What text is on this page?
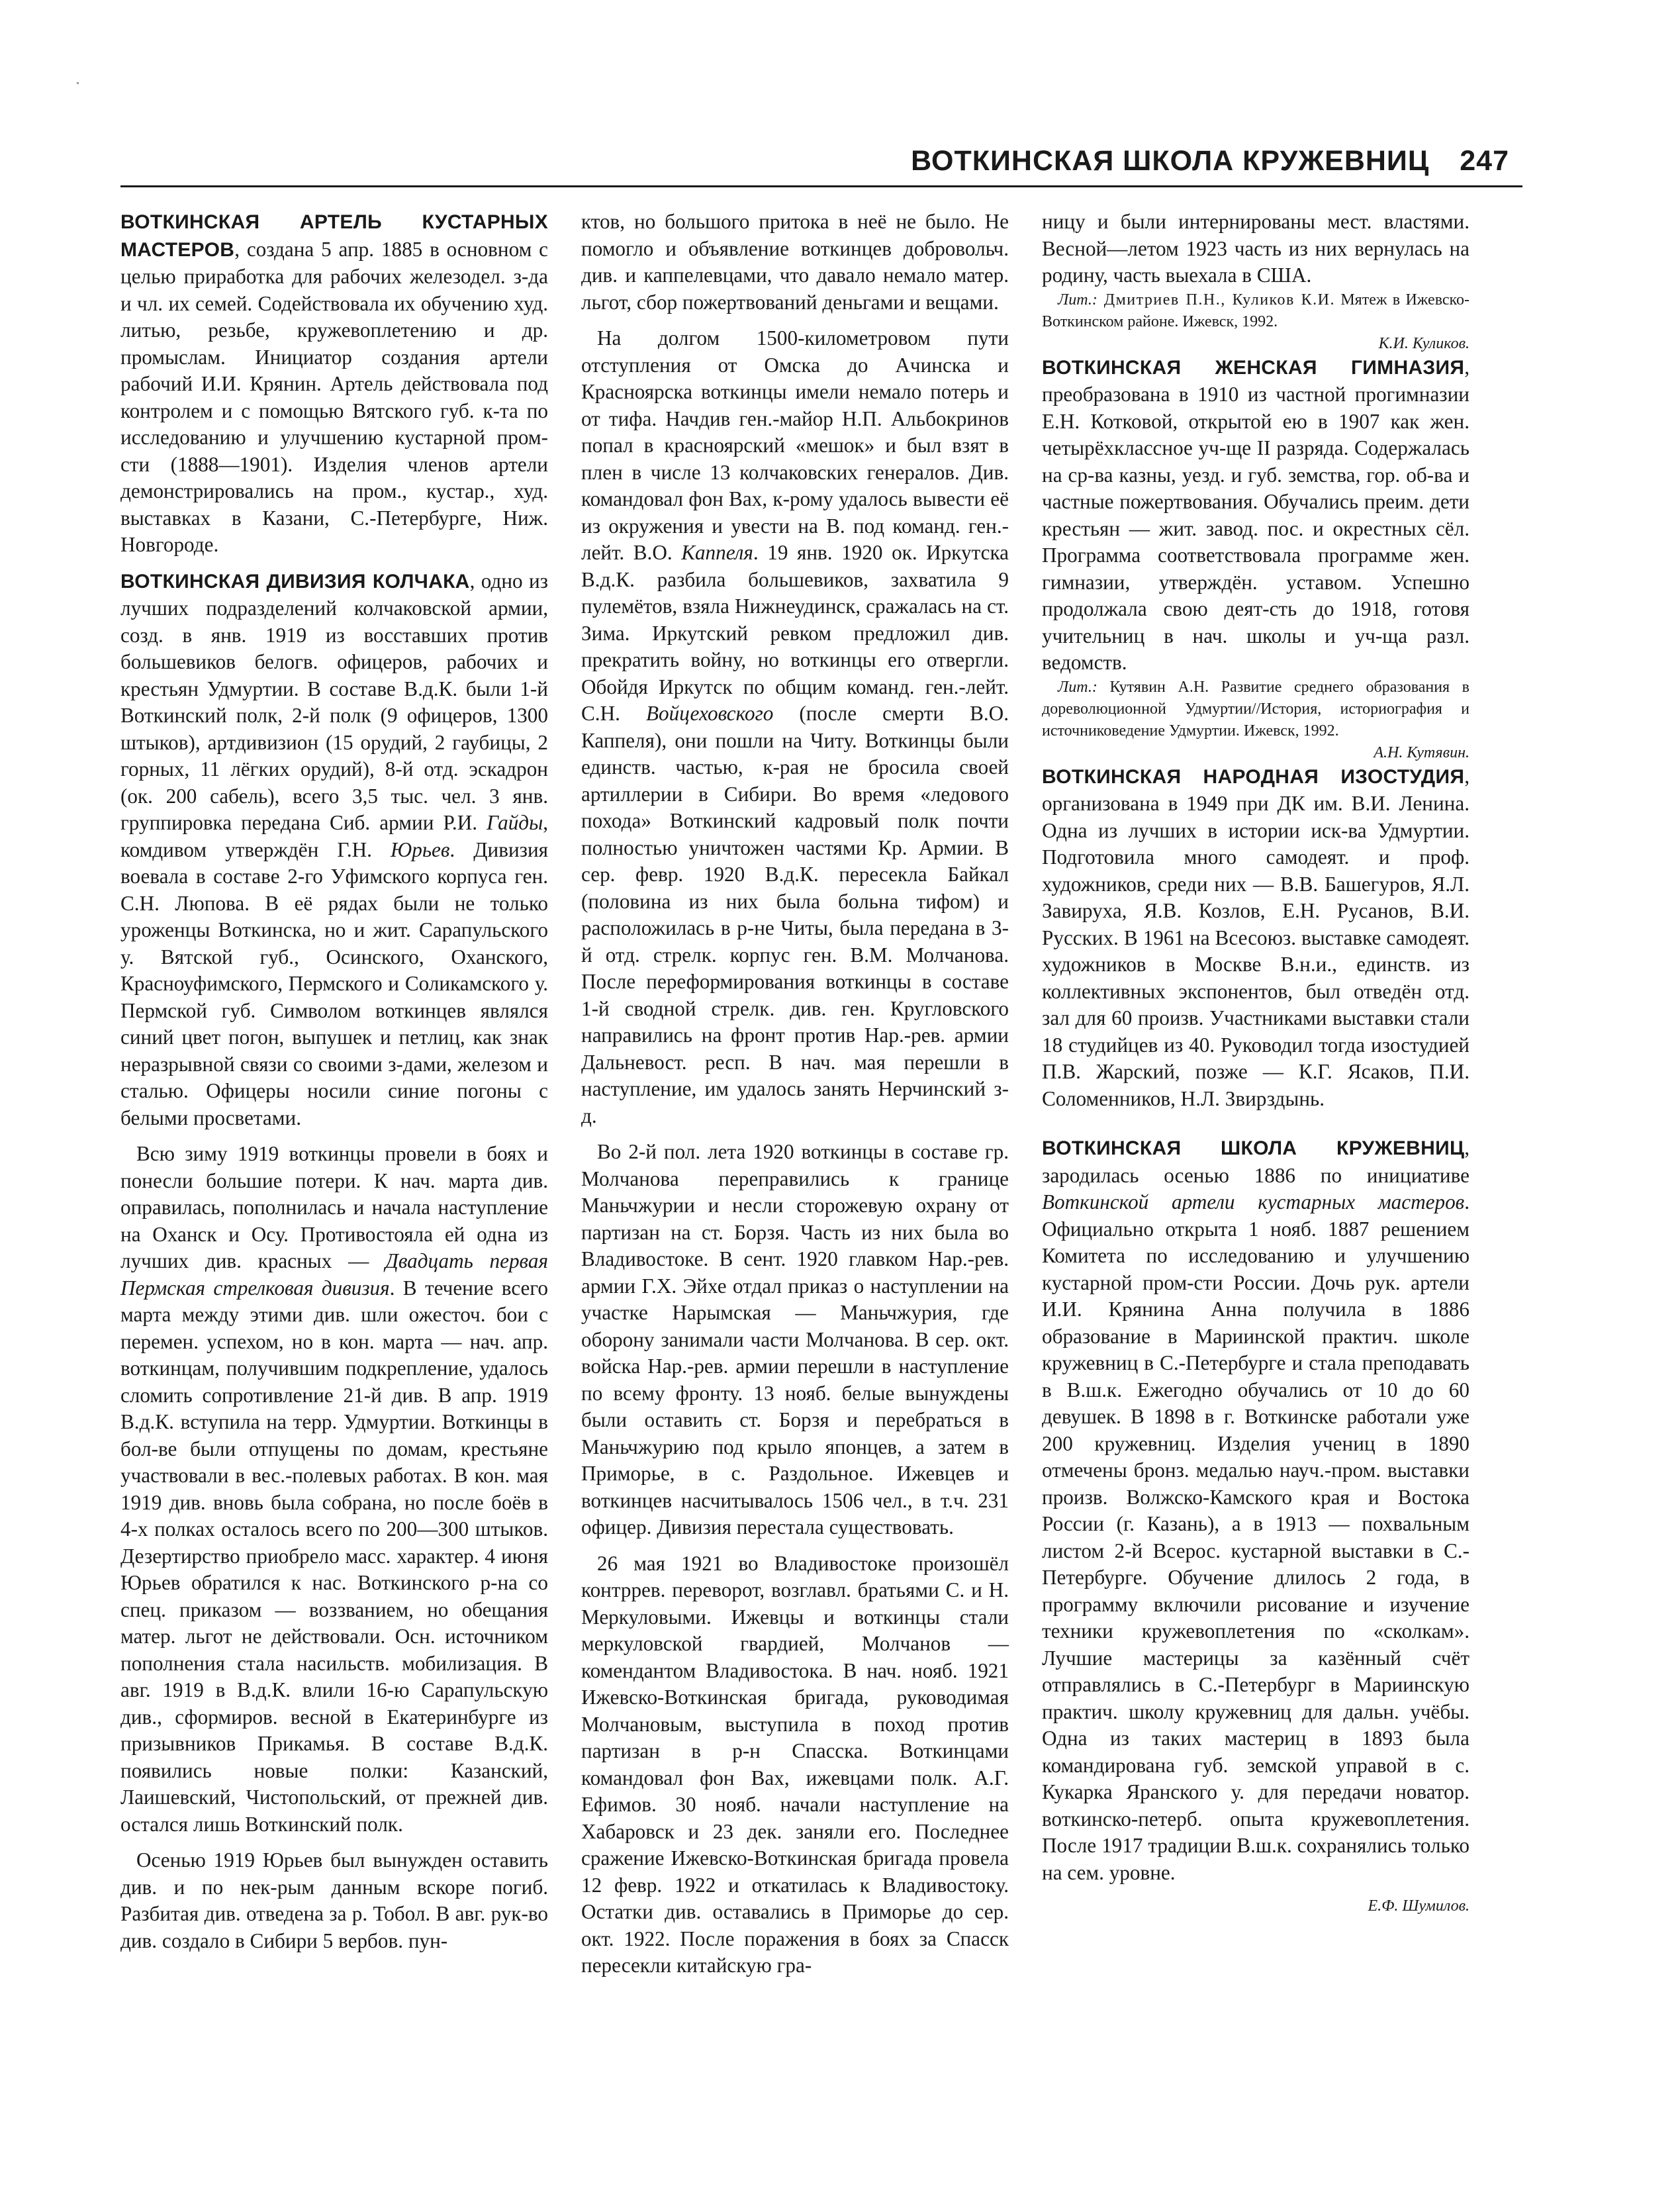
ВОТКИНСКАЯ ШКОЛА КРУЖЕВНИЦ 247

ВОТКИНСКАЯ АРТЕЛЬ КУСТАРНЫХ МАСТЕРОВ, создана 5 апр. 1885 в основном с целью приработка для рабочих железодел. з-да и чл. их семей. Содействовала их обучению худ. литью, резьбе, кружевоплетению и др. промыслам. Инициатор создания артели рабочий И.И. Крянин. Артель действовала под контролем и с помощью Вятского губ. к-та по исследованию и улучшению кустарной пром-сти (1888—1901). Изделия членов артели демонстрировались на пром., кустар., худ. выставках в Казани, С.-Петербурге, Ниж. Новгороде.

ВОТКИНСКАЯ ДИВИЗИЯ КОЛЧАКА, одно из лучших подразделений колчаковской армии, созд. в янв. 1919 из восставших против большевиков белогв. офицеров, рабочих и крестьян Удмуртии. В составе В.д.К. были 1-й Воткинский полк, 2-й полк (9 офицеров, 1300 штыков), артдивизион (15 орудий, 2 гаубицы, 2 горных, 11 лёгких орудий), 8-й отд. эскадрон (ок. 200 сабель), всего 3,5 тыс. чел. 3 янв. группировка передана Сиб. армии Р.И. Гайды, комдивом утверждён Г.Н. Юрьев. Дивизия воевала в составе 2-го Уфимского корпуса ген. С.Н. Люпова. В её рядах были не только уроженцы Воткинска, но и жит. Сарапульского у. Вятской губ., Осинского, Оханского, Красноуфимского, Пермского и Соликамского у. Пермской губ. Символом воткинцев являлся синий цвет погон, выпушек и петлиц, как знак неразрывной связи со своими з-дами, железом и сталью. Офицеры носили синие погоны с белыми просветами.

Всю зиму 1919 воткинцы провели в боях и понесли большие потери. К нач. марта див. оправилась, пополнилась и начала наступление на Оханск и Осу. Противостояла ей одна из лучших див. красных — Двадцать первая Пермская стрелковая дивизия. В течение всего марта между этими див. шли ожесточ. бои с перемен. успехом, но в кон. марта — нач. апр. воткинцам, получившим подкрепление, удалось сломить сопротивление 21-й див. В апр. 1919 В.д.К. вступила на терр. Удмуртии. Воткинцы в бол-ве были отпущены по домам, крестьяне участвовали в вес.-полевых работах. В кон. мая 1919 див. вновь была собрана, но после боёв в 4-х полках осталось всего по 200—300 штыков. Дезертирство приобрело масс. характер. 4 июня Юрьев обратился к нас. Воткинского р-на со спец. приказом — воззванием, но обещания матер. льгот не действовали. Осн. источником пополнения стала насильств. мобилизация. В авг. 1919 в В.д.К. влили 16-ю Сарапульскую див., сформиров. весной в Екатеринбурге из призывников Прикамья. В составе В.д.К. появились новые полки: Казанский, Лаишевский, Чистопольский, от прежней див. остался лишь Воткинский полк.

Осенью 1919 Юрьев был вынужден оставить див. и по нек-рым данным вскоре погиб. Разбитая див. отведена за р. Тобол. В авг. рук-во див. создало в Сибири 5 вербов. пун-

ктов, но большого притока в неё не было. Не помогло и объявление воткинцев добровольч. див. и каппелевцами, что давало немало матер. льгот, сбор пожертвований деньгами и вещами.

На долгом 1500-километровом пути отступления от Омска до Ачинска и Красноярска воткинцы имели немало потерь и от тифа. Начдив ген.-майор Н.П. Альбокринов попал в красноярский «мешок» и был взят в плен в числе 13 колчаковских генералов. Див. командовал фон Вах, к-рому удалось вывести её из окружения и увести на В. под команд. ген.-лейт. В.О. Каппеля. 19 янв. 1920 ок. Иркутска В.д.К. разбила большевиков, захватила 9 пулемётов, взяла Нижнеудинск, сражалась на ст. Зима. Иркутский ревком предложил див. прекратить войну, но воткинцы его отвергли. Обойдя Иркутск по общим команд. ген.-лейт. С.Н. Войцеховского (после смерти В.О. Каппеля), они пошли на Читу. Воткинцы были единств. частью, к-рая не бросила своей артиллерии в Сибири. Во время «ледового похода» Воткинский кадровый полк почти полностью уничтожен частями Кр. Армии. В сер. февр. 1920 В.д.К. пересекла Байкал (половина из них была больна тифом) и расположилась в р-не Читы, была передана в 3-й отд. стрелк. корпус ген. В.М. Молчанова. После переформирования воткинцы в составе 1-й сводной стрелк. див. ген. Кругловского направились на фронт против Нар.-рев. армии Дальневост. респ. В нач. мая перешли в наступление, им удалось занять Нерчинский з-д.

Во 2-й пол. лета 1920 воткинцы в составе гр. Молчанова переправились к границе Маньчжурии и несли сторожевую охрану от партизан на ст. Борзя. Часть из них была во Владивостоке. В сент. 1920 главком Нар.-рев. армии Г.Х. Эйхе отдал приказ о наступлении на участке Нарымская — Маньчжурия, где оборону занимали части Молчанова. В сер. окт. войска Нар.-рев. армии перешли в наступление по всему фронту. 13 нояб. белые вынуждены были оставить ст. Борзя и перебраться в Маньчжурию под крыло японцев, а затем в Приморье, в с. Раздольное. Ижевцев и воткинцев насчитывалось 1506 чел., в т.ч. 231 офицер. Дивизия перестала существовать.

26 мая 1921 во Владивостоке произошёл контррев. переворот, возглавл. братьями С. и Н. Меркуловыми. Ижевцы и воткинцы стали меркуловской гвардией, Молчанов — комендантом Владивостока. В нач. нояб. 1921 Ижевско-Воткинская бригада, руководимая Молчановым, выступила в поход против партизан в р-н Спасска. Воткинцами командовал фон Вах, ижевцами полк. А.Г. Ефимов. 30 нояб. начали наступление на Хабаровск и 23 дек. заняли его. Последнее сражение Ижевско-Воткинская бригада провела 12 февр. 1922 и откатилась к Владивостоку. Остатки див. оставались в Приморье до сер. окт. 1922. После поражения в боях за Спасск пересекли китайскую гра-

ницу и были интернированы мест. властями. Весной—летом 1923 часть из них вернулась на родину, часть выехала в США.

Лит.: Дмитриев П.Н., Куликов К.И. Мятеж в Ижевско-Воткинском районе. Ижевск, 1992.

К.И. Куликов.

ВОТКИНСКАЯ ЖЕНСКАЯ ГИМНАЗИЯ, преобразована в 1910 из частной прогимназии Е.Н. Котковой, открытой ею в 1907 как жен. четырёхклассное уч-ще II разряда. Содержалась на ср-ва казны, уезд. и губ. земства, гор. об-ва и частные пожертвования. Обучались преим. дети крестьян — жит. завод. пос. и окрестных сёл. Программа соответствовала программе жен. гимназии, утверждён. уставом. Успешно продолжала свою деят-сть до 1918, готовя учительниц в нач. школы и уч-ща разл. ведомств.

Лит.: Кутявин А.Н. Развитие среднего образования в дореволюционной Удмуртии//История, историография и источниковедение Удмуртии. Ижевск, 1992.

А.Н. Кутявин.

ВОТКИНСКАЯ НАРОДНАЯ ИЗОСТУДИЯ, организована в 1949 при ДК им. В.И. Ленина. Одна из лучших в истории иск-ва Удмуртии. Подготовила много самодеят. и проф. художников, среди них — В.В. Башегуров, Я.Л. Завируха, Я.В. Козлов, Е.Н. Русанов, В.И. Русских. В 1961 на Всесоюз. выставке самодеят. художников в Москве В.н.и., единств. из коллективных экспонентов, был отведён отд. зал для 60 произв. Участниками выставки стали 18 студийцев из 40. Руководил тогда изостудией П.В. Жарский, позже — К.Г. Ясаков, П.И. Соломенников, Н.Л. Звирздынь.

ВОТКИНСКАЯ ШКОЛА КРУЖЕВНИЦ, зародилась осенью 1886 по инициативе Воткинской артели кустарных мастеров. Официально открыта 1 нояб. 1887 решением Комитета по исследованию и улучшению кустарной пром-сти России. Дочь рук. артели И.И. Крянина Анна получила в 1886 образование в Мариинской практич. школе кружевниц в С.-Петербурге и стала преподавать в В.ш.к. Ежегодно обучались от 10 до 60 девушек. В 1898 в г. Воткинске работали уже 200 кружевниц. Изделия учениц в 1890 отмечены бронз. медалью науч.-пром. выставки произв. Волжско-Камского края и Востока России (г. Казань), а в 1913 — похвальным листом 2-й Всерос. кустарной выставки в С.-Петербурге. Обучение длилось 2 года, в программу включили рисование и изучение техники кружевоплетения по «сколкам». Лучшие мастерицы за казённый счёт отправлялись в С.-Петербург в Мариинскую практич. школу кружевниц для дальн. учёбы. Одна из таких мастериц в 1893 была командирована губ. земской управой в с. Кукарка Яранского у. для передачи новатор. воткинско-петерб. опыта кружевоплетения. После 1917 традиции В.ш.к. сохранялись только на сем. уровне.

Е.Ф. Шумилов.
